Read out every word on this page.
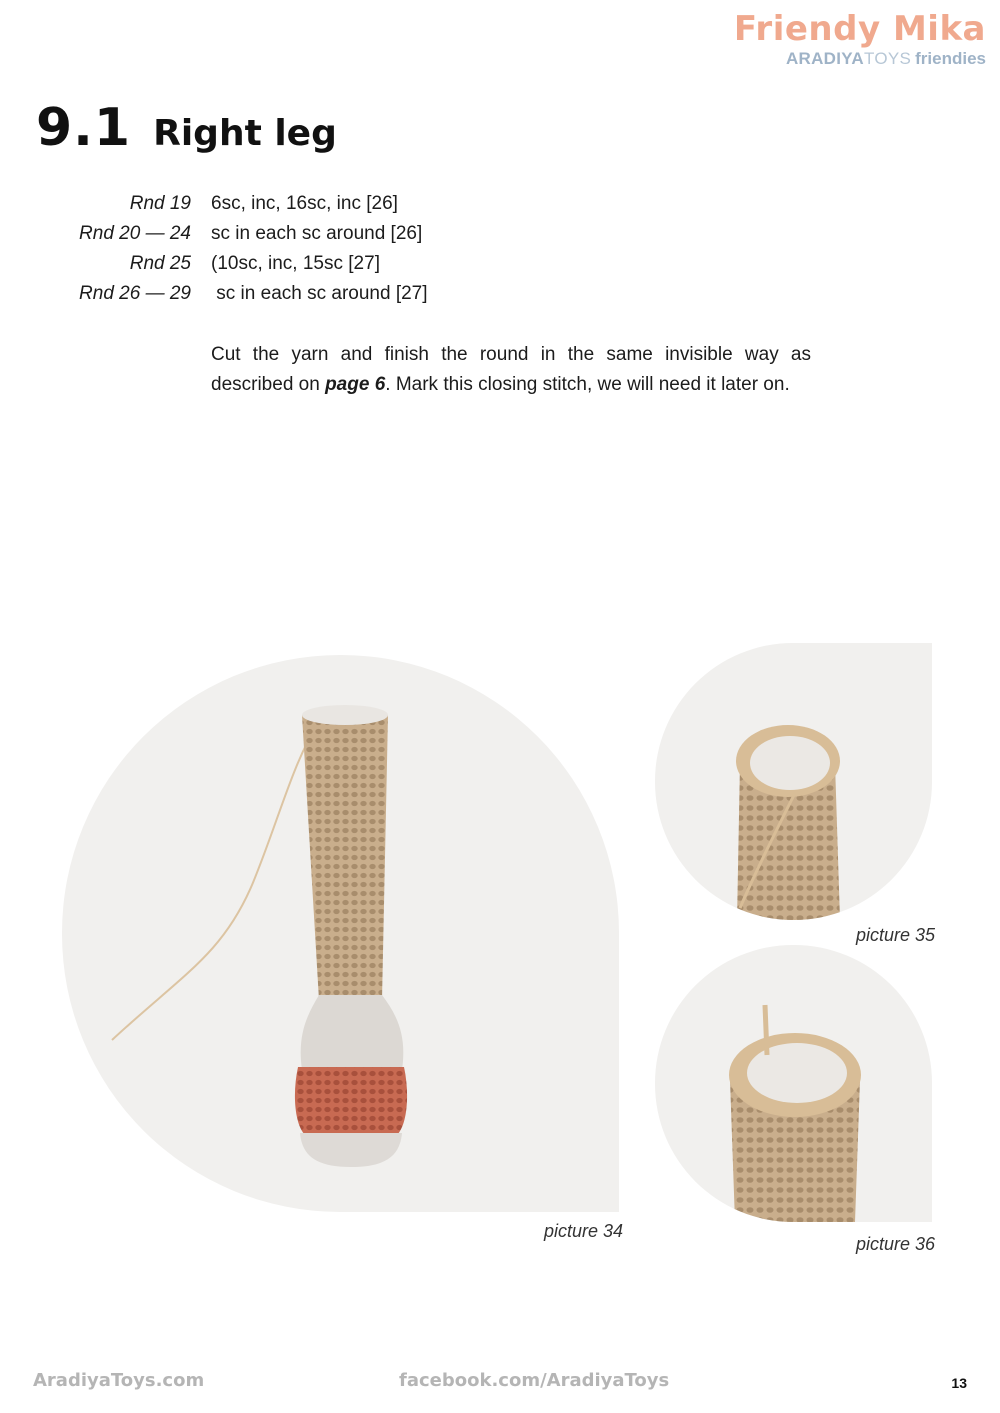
Friendy Mika
ARADIYATOYS friendies
9.1 Right leg
Rnd 19 6sc, inc, 16sc, inc [26]
Rnd 20 — 24 sc in each sc around [26]
Rnd 25 (10sc, inc, 15sc [27]
Rnd 26 — 29 sc in each sc around [27]
Cut the yarn and finish the round in the same invisible way as described on page 6. Mark this closing stitch, we will need it later on.
picture 34
picture 35
picture 36
AradiyaToys.com	facebook.com/AradiyaToys	13
